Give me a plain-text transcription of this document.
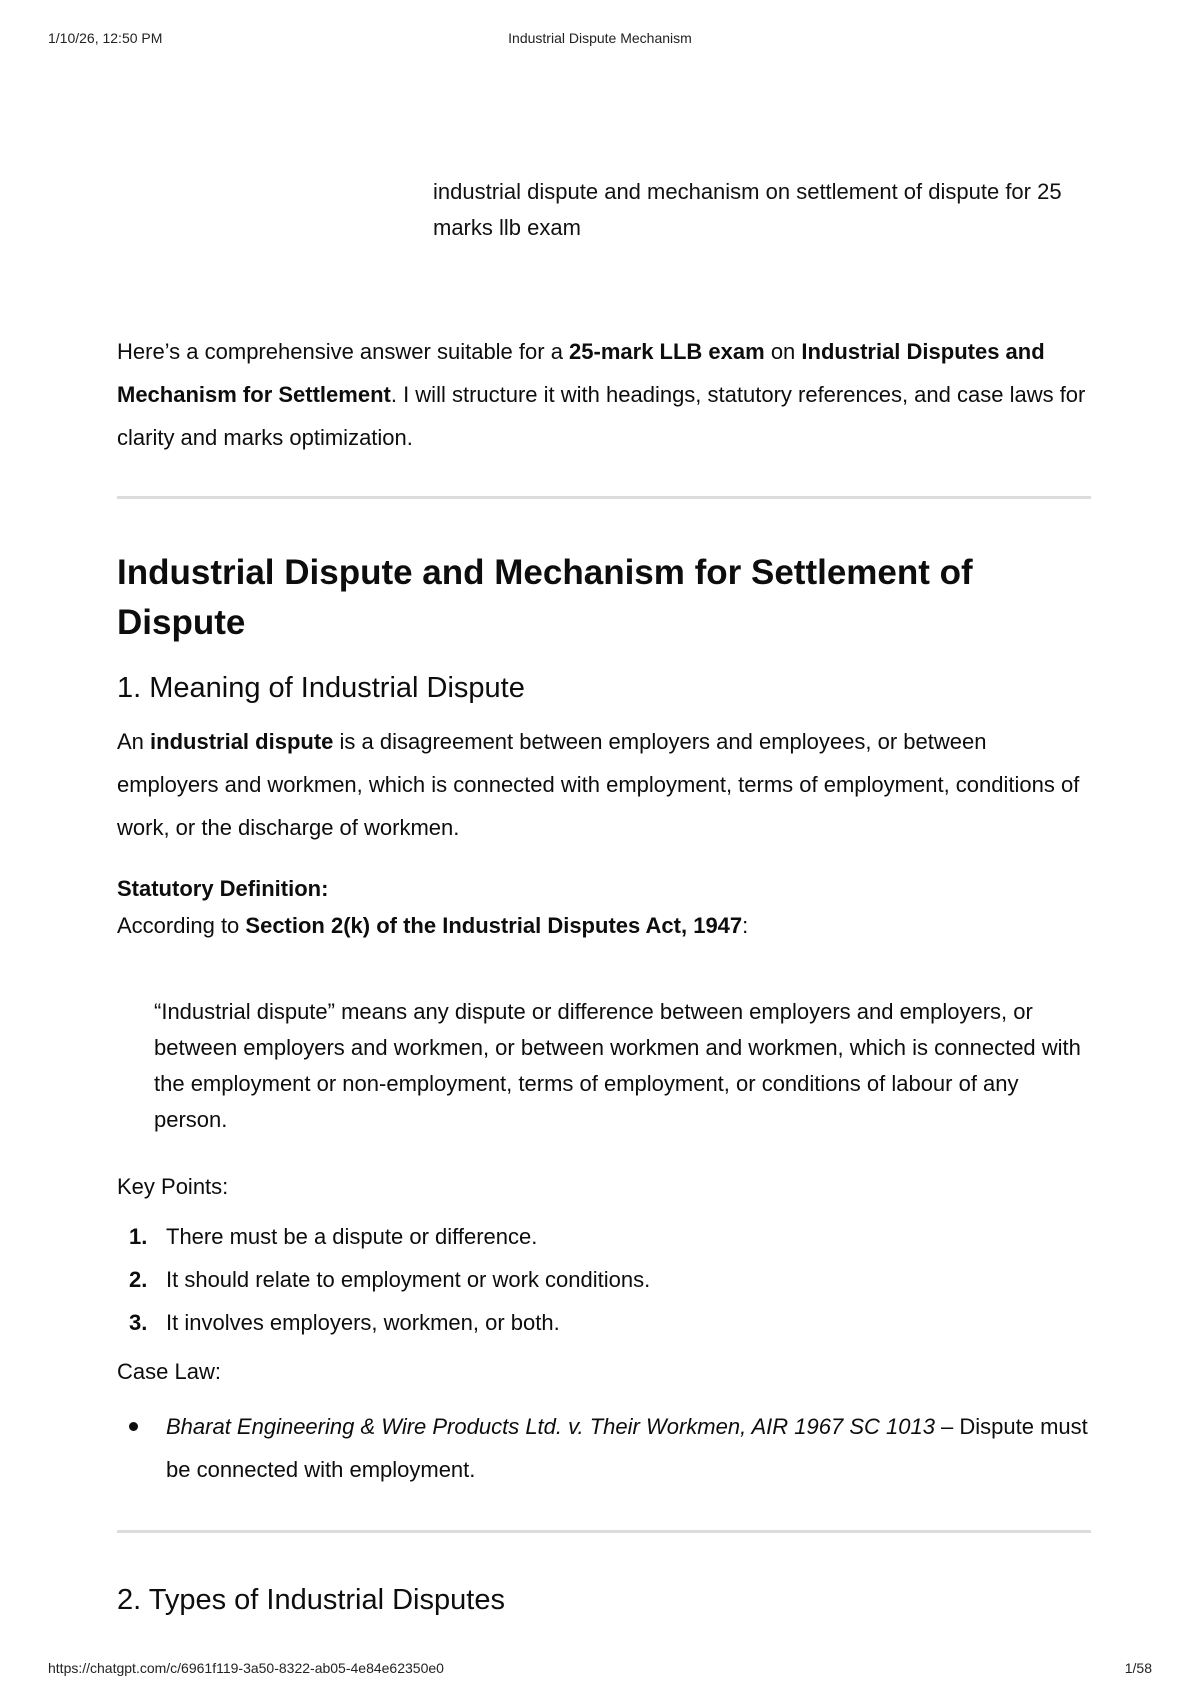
1/10/26, 12:50 PM	Industrial Dispute Mechanism
industrial dispute and mechanism on settlement of dispute for 25 marks llb exam
Here’s a comprehensive answer suitable for a 25-mark LLB exam on Industrial Disputes and Mechanism for Settlement. I will structure it with headings, statutory references, and case laws for clarity and marks optimization.
Industrial Dispute and Mechanism for Settlement of Dispute
1. Meaning of Industrial Dispute

An industrial dispute is a disagreement between employers and employees, or between employers and workmen, which is connected with employment, terms of employment, conditions of work, or the discharge of workmen.

Statutory Definition:

According to Section 2(k) of the Industrial Disputes Act, 1947:

“Industrial dispute” means any dispute or difference between employers and employers, or between employers and workmen, or between workmen and workmen, which is connected with the employment or non-employment, terms of employment, or conditions of labour of any person.

Key Points:

1. There must be a dispute or difference.
2. It should relate to employment or work conditions.
3. It involves employers, workmen, or both.

Case Law:

Bharat Engineering & Wire Products Ltd. v. Their Workmen, AIR 1967 SC 1013 – Dispute must be connected with employment.
2. Types of Industrial Disputes
https://chatgpt.com/c/6961f119-3a50-8322-ab05-4e84e62350e0	1/58
